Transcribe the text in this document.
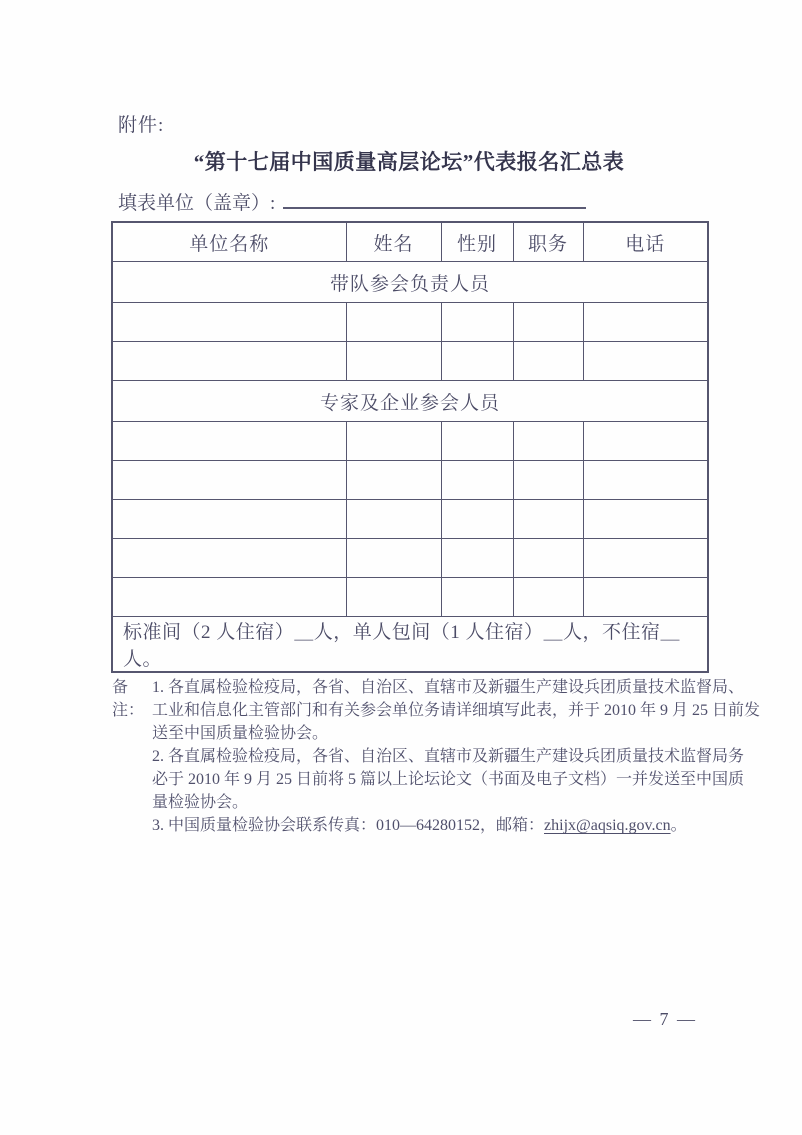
附件:
“第十七届中国质量高层论坛”代表报名汇总表
填表单位（盖章）:
单位名称	姓名	性别	职务	电话
带队参会负责人员				

专家及企业参会人员				

标准间（2 人住宿）＿人，单人包间（1 人住宿）＿人，不住宿＿人。				
备注：
1. 各直属检验检疫局，各省、自治区、直辖市及新疆生产建设兵团质量技术监督局、
工业和信息化主管部门和有关参会单位务请详细填写此表，并于 2010 年 9 月 25 日前发
送至中国质量检验协会。
2. 各直属检验检疫局，各省、自治区、直辖市及新疆生产建设兵团质量技术监督局务
必于 2010 年 9 月 25 日前将 5 篇以上论坛论文（书面及电子文档）一并发送至中国质
量检验协会。
3. 中国质量检验协会联系传真：010—64280152，邮箱：zhijx@aqsiq.gov.cn。
— 7 —
